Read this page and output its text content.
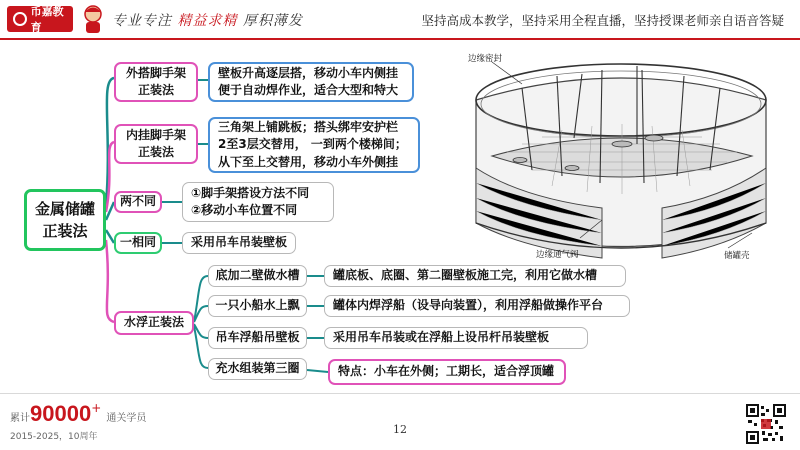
币嘉教育	专业专注 精益求精 厚积薄发	坚持高成本教学，坚持采用全程直播，坚持授课老师亲自语音答疑
金属储罐
正装法
外搭脚手架
正装法
壁板升高逐层搭，移动小车内侧挂
便于自动焊作业，适合大型和特大
内挂脚手架
正装法
三角架上铺跳板；搭头绑牢安护栏
2至3层交替用， 一到两个楼梯间；
从下至上交替用，移动小车外侧挂
两不同
①脚手架搭设方法不同
②移动小车位置不同
一相同	采用吊车吊装壁板
水浮正装法
底加二壁做水槽	罐底板、底圈、第二圈壁板施工完，利用它做水槽
一只小船水上飘	罐体内焊浮船（设导向装置），利用浮船做操作平台
吊车浮船吊壁板	采用吊车吊装或在浮船上设吊杆吊装壁板
充水组装第三圈	特点：小车在外侧；工期长，适合浮顶罐
边缘密封
边缘通气阀	储罐壳
累计90000+ 通关学员
2015-2025，10周年
12
